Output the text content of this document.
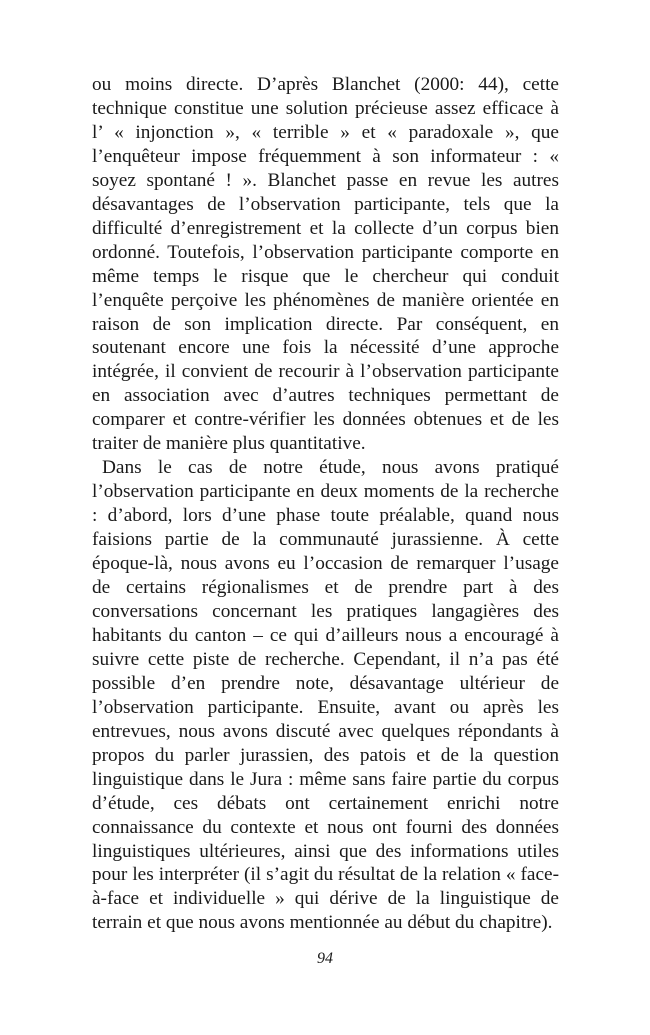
ou moins directe. D’après Blanchet (2000: 44), cette technique constitue une solution précieuse assez efficace à l’ « injonction », « terrible » et « paradoxale », que l’enquêteur impose fréquemment à son informateur : « soyez spontané ! ». Blanchet passe en revue les autres désavantages de l’observation participante, tels que la difficulté d’enregistrement et la collecte d’un corpus bien ordonné. Toutefois, l’observation participante comporte en même temps le risque que le chercheur qui conduit l’enquête perçoive les phénomènes de manière orientée en raison de son implication directe. Par conséquent, en soutenant encore une fois la nécessité d’une approche intégrée, il convient de recourir à l’observation participante en association avec d’autres techniques permettant de comparer et contre-vérifier les données obtenues et de les traiter de manière plus quantitative.

Dans le cas de notre étude, nous avons pratiqué l’observation participante en deux moments de la recherche : d’abord, lors d’une phase toute préalable, quand nous faisions partie de la communauté jurassienne. À cette époque-là, nous avons eu l’occasion de remarquer l’usage de certains régionalismes et de prendre part à des conversations concernant les pratiques langagières des habitants du canton – ce qui d’ailleurs nous a encouragé à suivre cette piste de recherche. Cependant, il n’a pas été possible d’en prendre note, désavantage ultérieur de l’observation participante. Ensuite, avant ou après les entrevues, nous avons discuté avec quelques répondants à propos du parler jurassien, des patois et de la question linguistique dans le Jura : même sans faire partie du corpus d’étude, ces débats ont certainement enrichi notre connaissance du contexte et nous ont fourni des données linguistiques ultérieures, ainsi que des informations utiles pour les interpréter (il s’agit du résultat de la relation « face-à-face et individuelle » qui dérive de la linguistique de terrain et que nous avons mentionnée au début du chapitre).

94
